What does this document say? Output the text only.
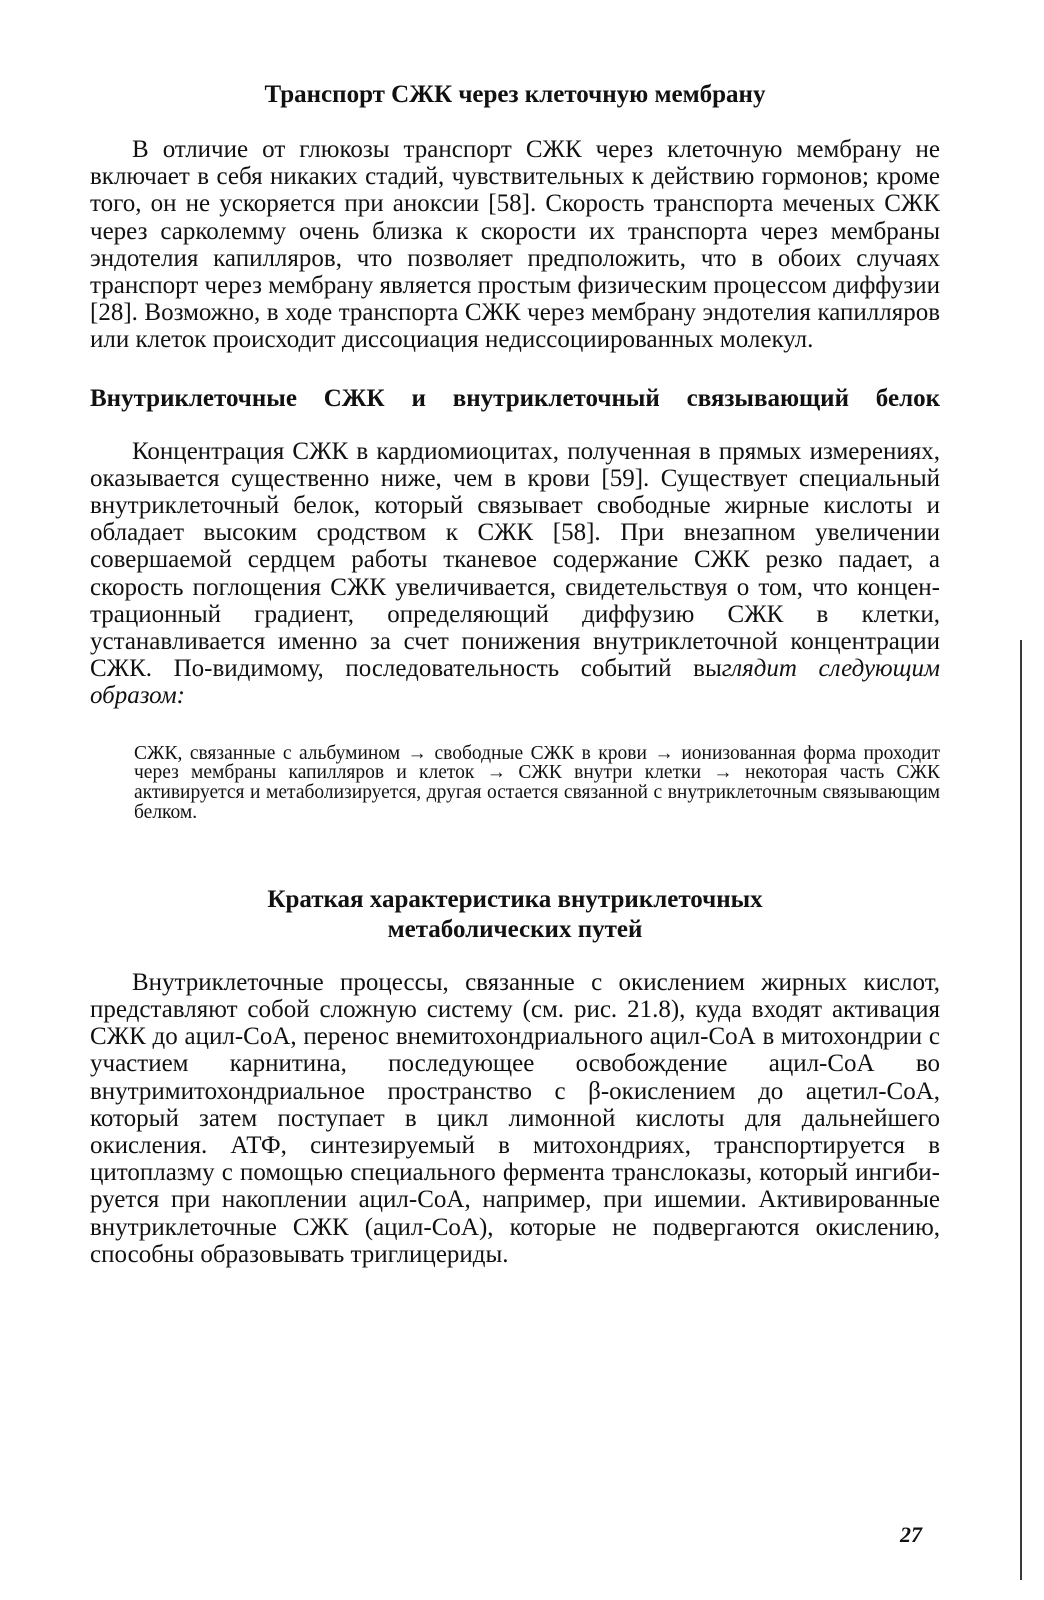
Транспорт СЖК через клеточную мембрану

В отличие от глюкозы транспорт СЖК через клеточную мембрану не включает в себя никаких стадий, чувствительных к действию гормонов; кроме того, он не ускоряется при аноксии [58]. Скорость транспорта меченых СЖК через сарколемму очень близка к скорости их транспорта через мембраны эндотелия капилляров, что позволяет предположить, что в обоих случаях транспорт через мембрану является простым физическим процессом диффузии [28]. Возможно, в ходе транспорта СЖК через мембрану эндотелия капилляров или клеток происходит диссоциация недиссоциированных молекул.

Внутриклеточные СЖК и внутриклеточный связывающий белок

Концентрация СЖК в кардиомиоцитах, полученная в прямых измерениях, оказывается существенно ниже, чем в крови [59]. Существует специальный внутриклеточный белок, который связывает свободные жирные кислоты и обладает высоким сродством к СЖК [58]. При внезапном увеличении совершаемой сердцем работы тканевое содержание СЖК резко падает, а скорость поглощения СЖК увеличивается, свидетельствуя о том, что концентрационный градиент, определяющий диффузию СЖК в клетки, устанавливается именно за счет понижения внутриклеточной концентрации СЖК. По-видимому, последовательность событий выглядит следующим образом:

СЖК, связанные с альбумином → свободные СЖК в крови → ионизованная форма проходит через мембраны капилляров и клеток → СЖК внутри клетки → некоторая часть СЖК активируется и метаболизируется, другая остается связанной с внутриклеточным связывающим белком.

Краткая характеристика внутриклеточных метаболических путей

Внутриклеточные процессы, связанные с окислением жирных кислот, представляют собой сложную систему (см. рис. 21.8), куда входят активация СЖК до ацил-СоА, перенос внемитохондриального ацил-СоА в митохондрии с участием карнитина, последующее освобождение ацил-СоА во внутримитохондриальное пространство с β-окислением до ацетил-СоА, который затем поступает в цикл лимонной кислоты для дальнейшего окисления. АТФ, синтезируемый в митохондриях, транспортируется в цитоплазму с помощью специального фермента транслоказы, который ингибируется при накоплении ацил-СоА, например, при ишемии. Активированные внутриклеточные СЖК (ацил-СоА), которые не подвергаются окислению, способны образовывать триглицериды.

27
